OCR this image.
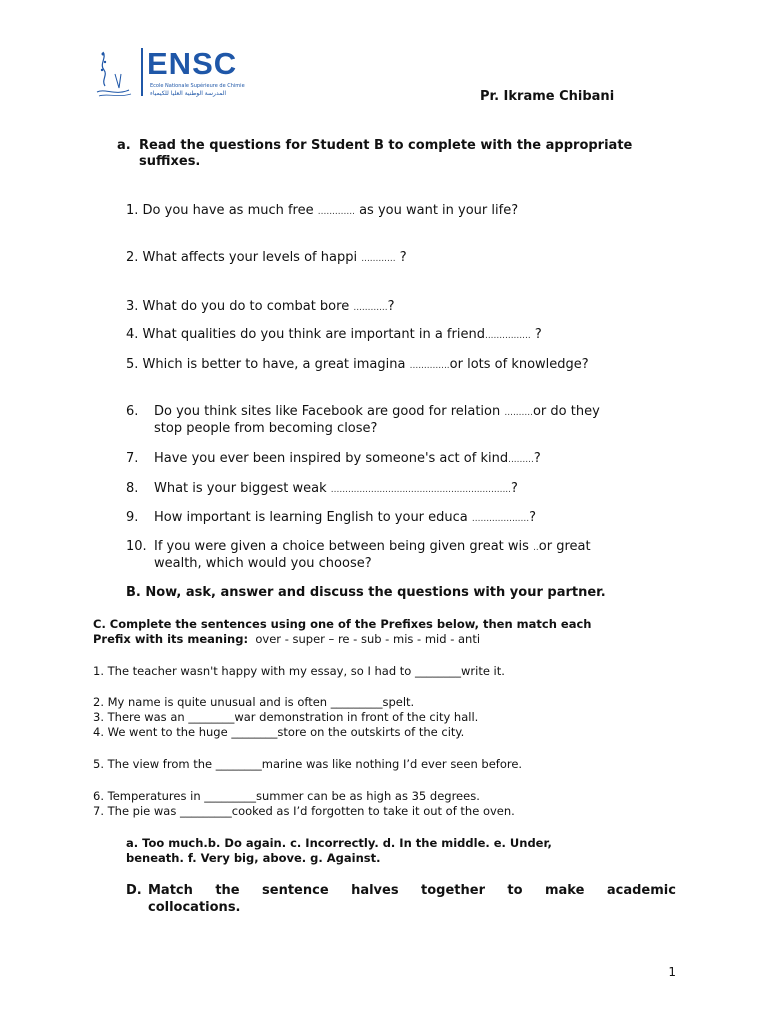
ENSC
Ecole Nationale Supérieure de Chimie
المدرسة الوطنية العليا للكيمياء	Pr. Ikrame Chibani
a. Read the questions for Student B to complete with the appropriate
suffixes.
1. Do you have as much free ............. as you want in your life?
2. What affects your levels of happi ............ ?
3. What do you do to combat bore ............?
4. What qualities do you think are important in a friend................ ?
5. Which is better to have, a great imagina ..............or lots of knowledge?
6. Do you think sites like Facebook are good for relation ..........or do they
stop people from becoming close?
7. Have you ever been inspired by someone's act of kind.........?
8. What is your biggest weak ...............................................................?
9. How important is learning English to your educa ....................?
10. If you were given a choice between being given great wis ..or great
wealth, which would you choose?
B. Now, ask, answer and discuss the questions with your partner.
C. Complete the sentences using one of the Prefixes below, then match each
Prefix with its meaning: over - super – re - sub - mis - mid - anti
1. The teacher wasn't happy with my essay, so I had to ________write it.
2. My name is quite unusual and is often _________spelt.
3. There was an ________war demonstration in front of the city hall.
4. We went to the huge ________store on the outskirts of the city.
5. The view from the ________marine was like nothing I’d ever seen before.
6. Temperatures in _________summer can be as high as 35 degrees.
7. The pie was _________cooked as I’d forgotten to take it out of the oven.
a. Too much.b. Do again. c. Incorrectly. d. In the middle. e. Under,
beneath. f. Very big, above. g. Against.
D. Match the sentence halves together to make academic
collocations.
1
